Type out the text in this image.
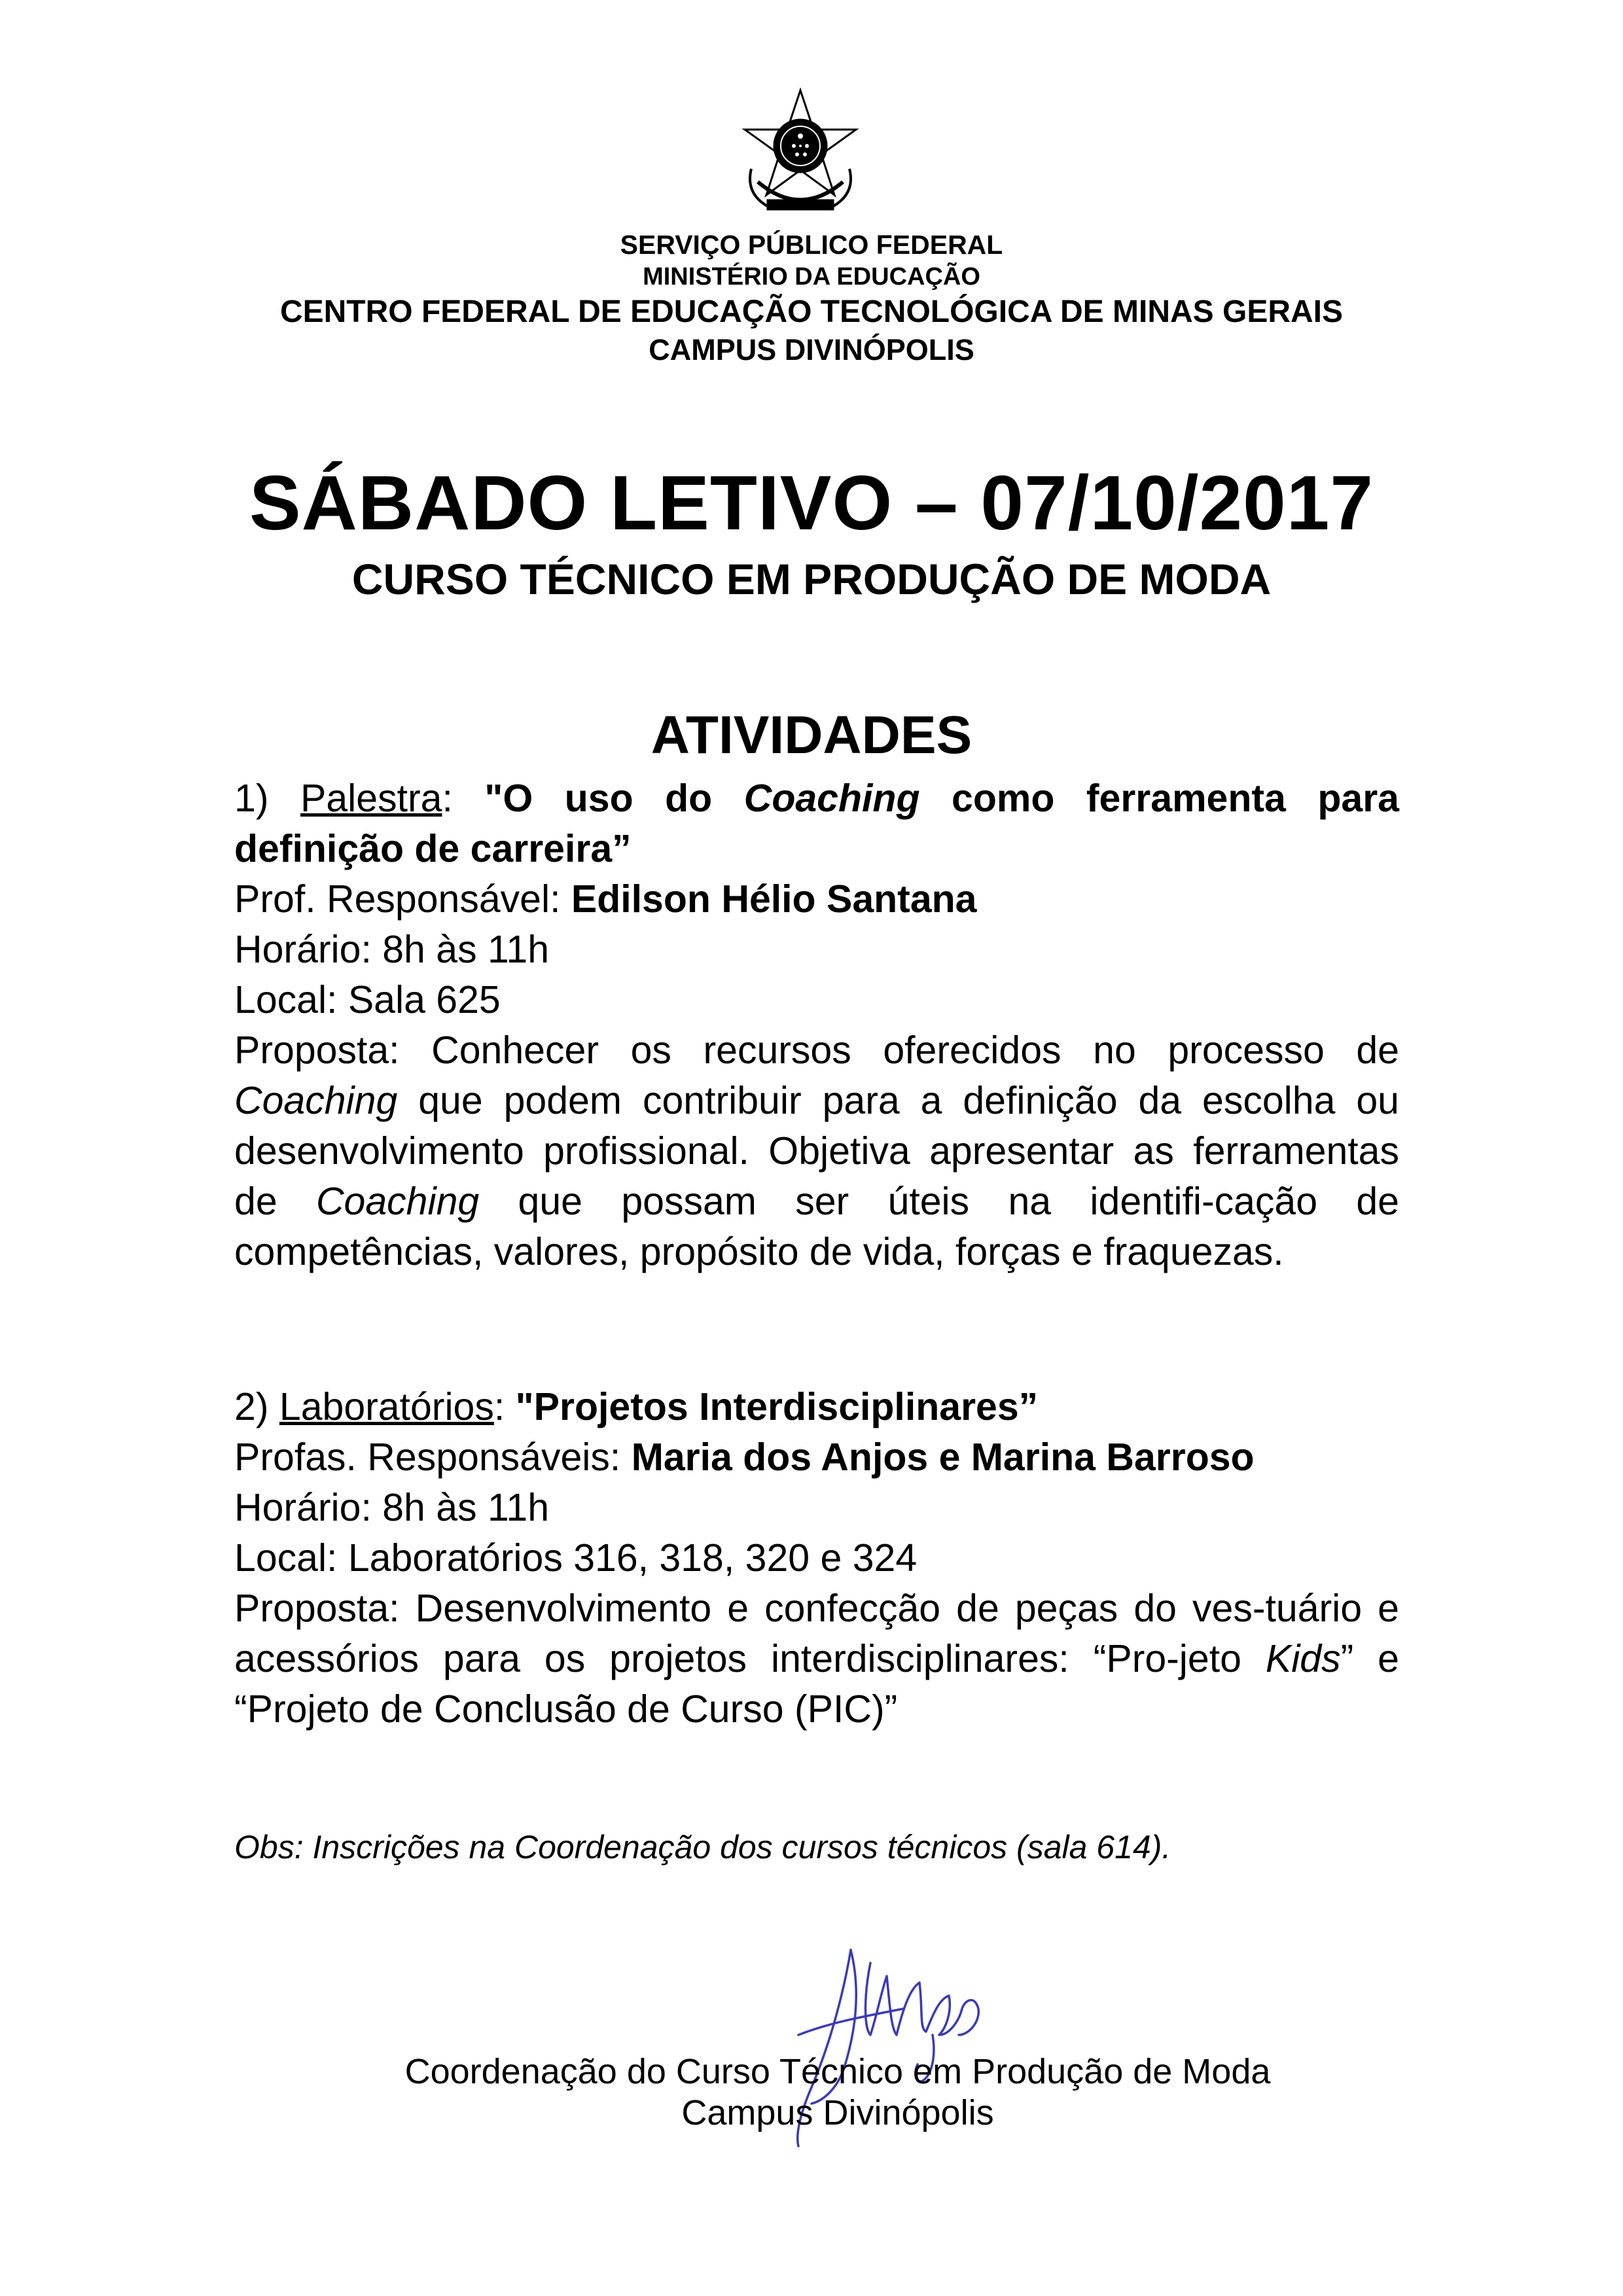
SERVIÇO PÚBLICO FEDERAL
MINISTÉRIO DA EDUCAÇÃO
CENTRO FEDERAL DE EDUCAÇÃO TECNOLÓGICA DE MINAS GERAIS
CAMPUS DIVINÓPOLIS
SÁBADO LETIVO – 07/10/2017
CURSO TÉCNICO EM PRODUÇÃO DE MODA
ATIVIDADES

1) Palestra: "O uso do Coaching como ferramenta para definição de carreira”

Prof. Responsável: Edilson Hélio Santana

Horário: 8h às 11h

Local: Sala 625

Proposta: Conhecer os recursos oferecidos no processo de Coaching que podem contribuir para a definição da escolha ou desenvolvimento profissional. Objetiva apresentar as ferramentas de Coaching que possam ser úteis na identifi-cação de competências, valores, propósito de vida, forças e fraquezas.

2) Laboratórios: "Projetos Interdisciplinares”

Profas. Responsáveis: Maria dos Anjos e Marina Barroso

Horário: 8h às 11h

Local: Laboratórios 316, 318, 320 e 324

Proposta: Desenvolvimento e confecção de peças do ves-tuário e acessórios para os projetos interdisciplinares: “Pro-jeto Kids” e “Projeto de Conclusão de Curso (PIC)”

Obs: Inscrições na Coordenação dos cursos técnicos (sala 614).
Coordenação do Curso Técnico em Produção de Moda
Campus Divinópolis
